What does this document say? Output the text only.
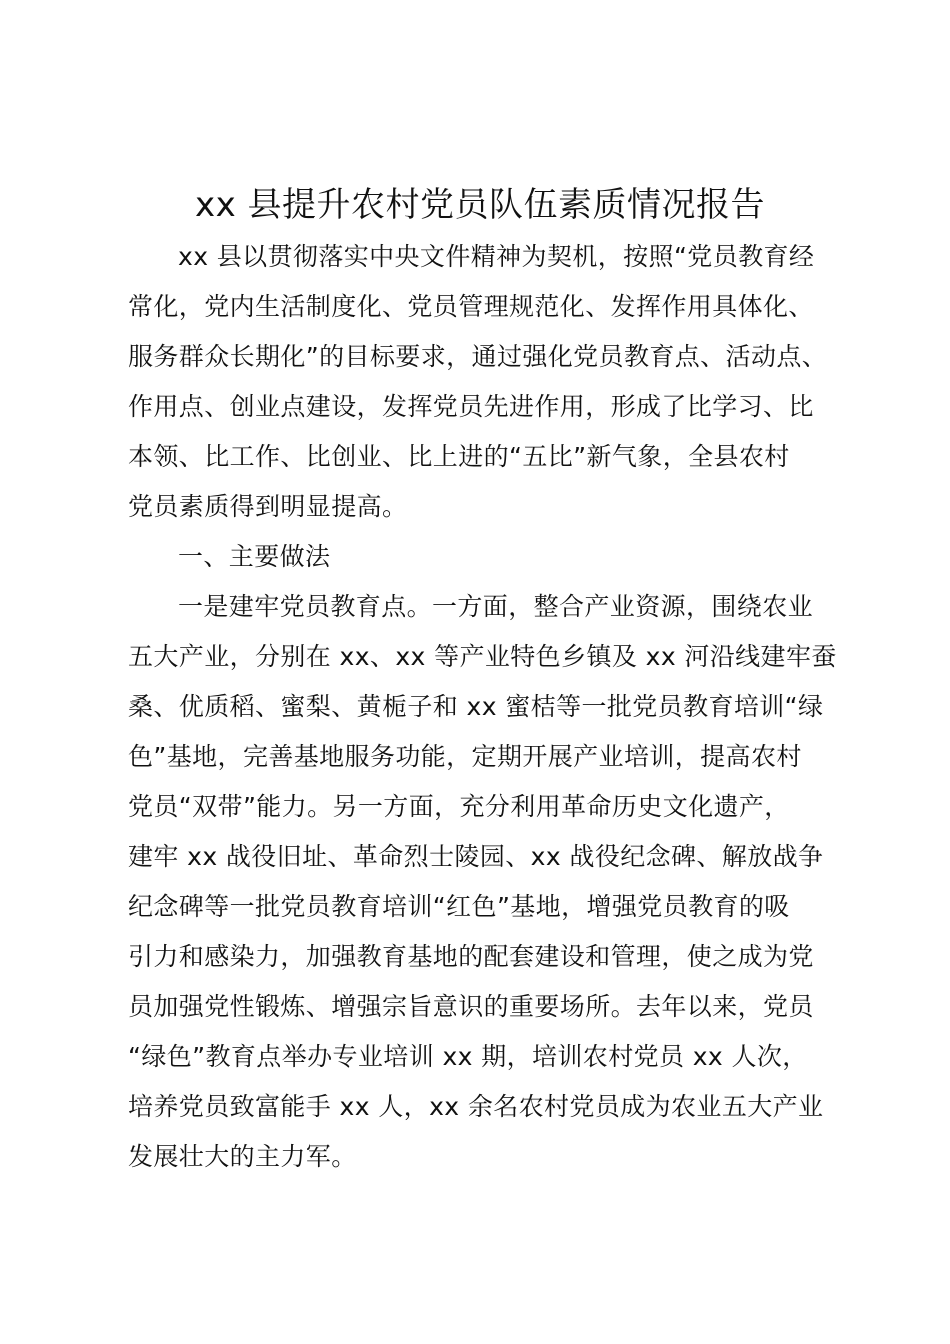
xx 县提升农村党员队伍素质情况报告
xx 县以贯彻落实中央文件精神为契机，按照“党员教育经
常化，党内生活制度化、党员管理规范化、发挥作用具体化、
服务群众长期化”的目标要求，通过强化党员教育点、活动点、
作用点、创业点建设，发挥党员先进作用，形成了比学习、比
本领、比工作、比创业、比上进的“五比”新气象，全县农村
党员素质得到明显提高。
一、主要做法
一是建牢党员教育点。一方面，整合产业资源，围绕农业
五大产业，分别在 xx、xx 等产业特色乡镇及 xx 河沿线建牢蚕
桑、优质稻、蜜梨、黄栀子和 xx 蜜桔等一批党员教育培训“绿
色”基地，完善基地服务功能，定期开展产业培训，提高农村
党员“双带”能力。另一方面，充分利用革命历史文化遗产，
建牢 xx 战役旧址、革命烈士陵园、xx 战役纪念碑、解放战争
纪念碑等一批党员教育培训“红色”基地，增强党员教育的吸
引力和感染力，加强教育基地的配套建设和管理，使之成为党
员加强党性锻炼、增强宗旨意识的重要场所。去年以来，党员
“绿色”教育点举办专业培训 xx 期，培训农村党员 xx 人次，
培养党员致富能手 xx 人，xx 余名农村党员成为农业五大产业
发展壮大的主力军。
